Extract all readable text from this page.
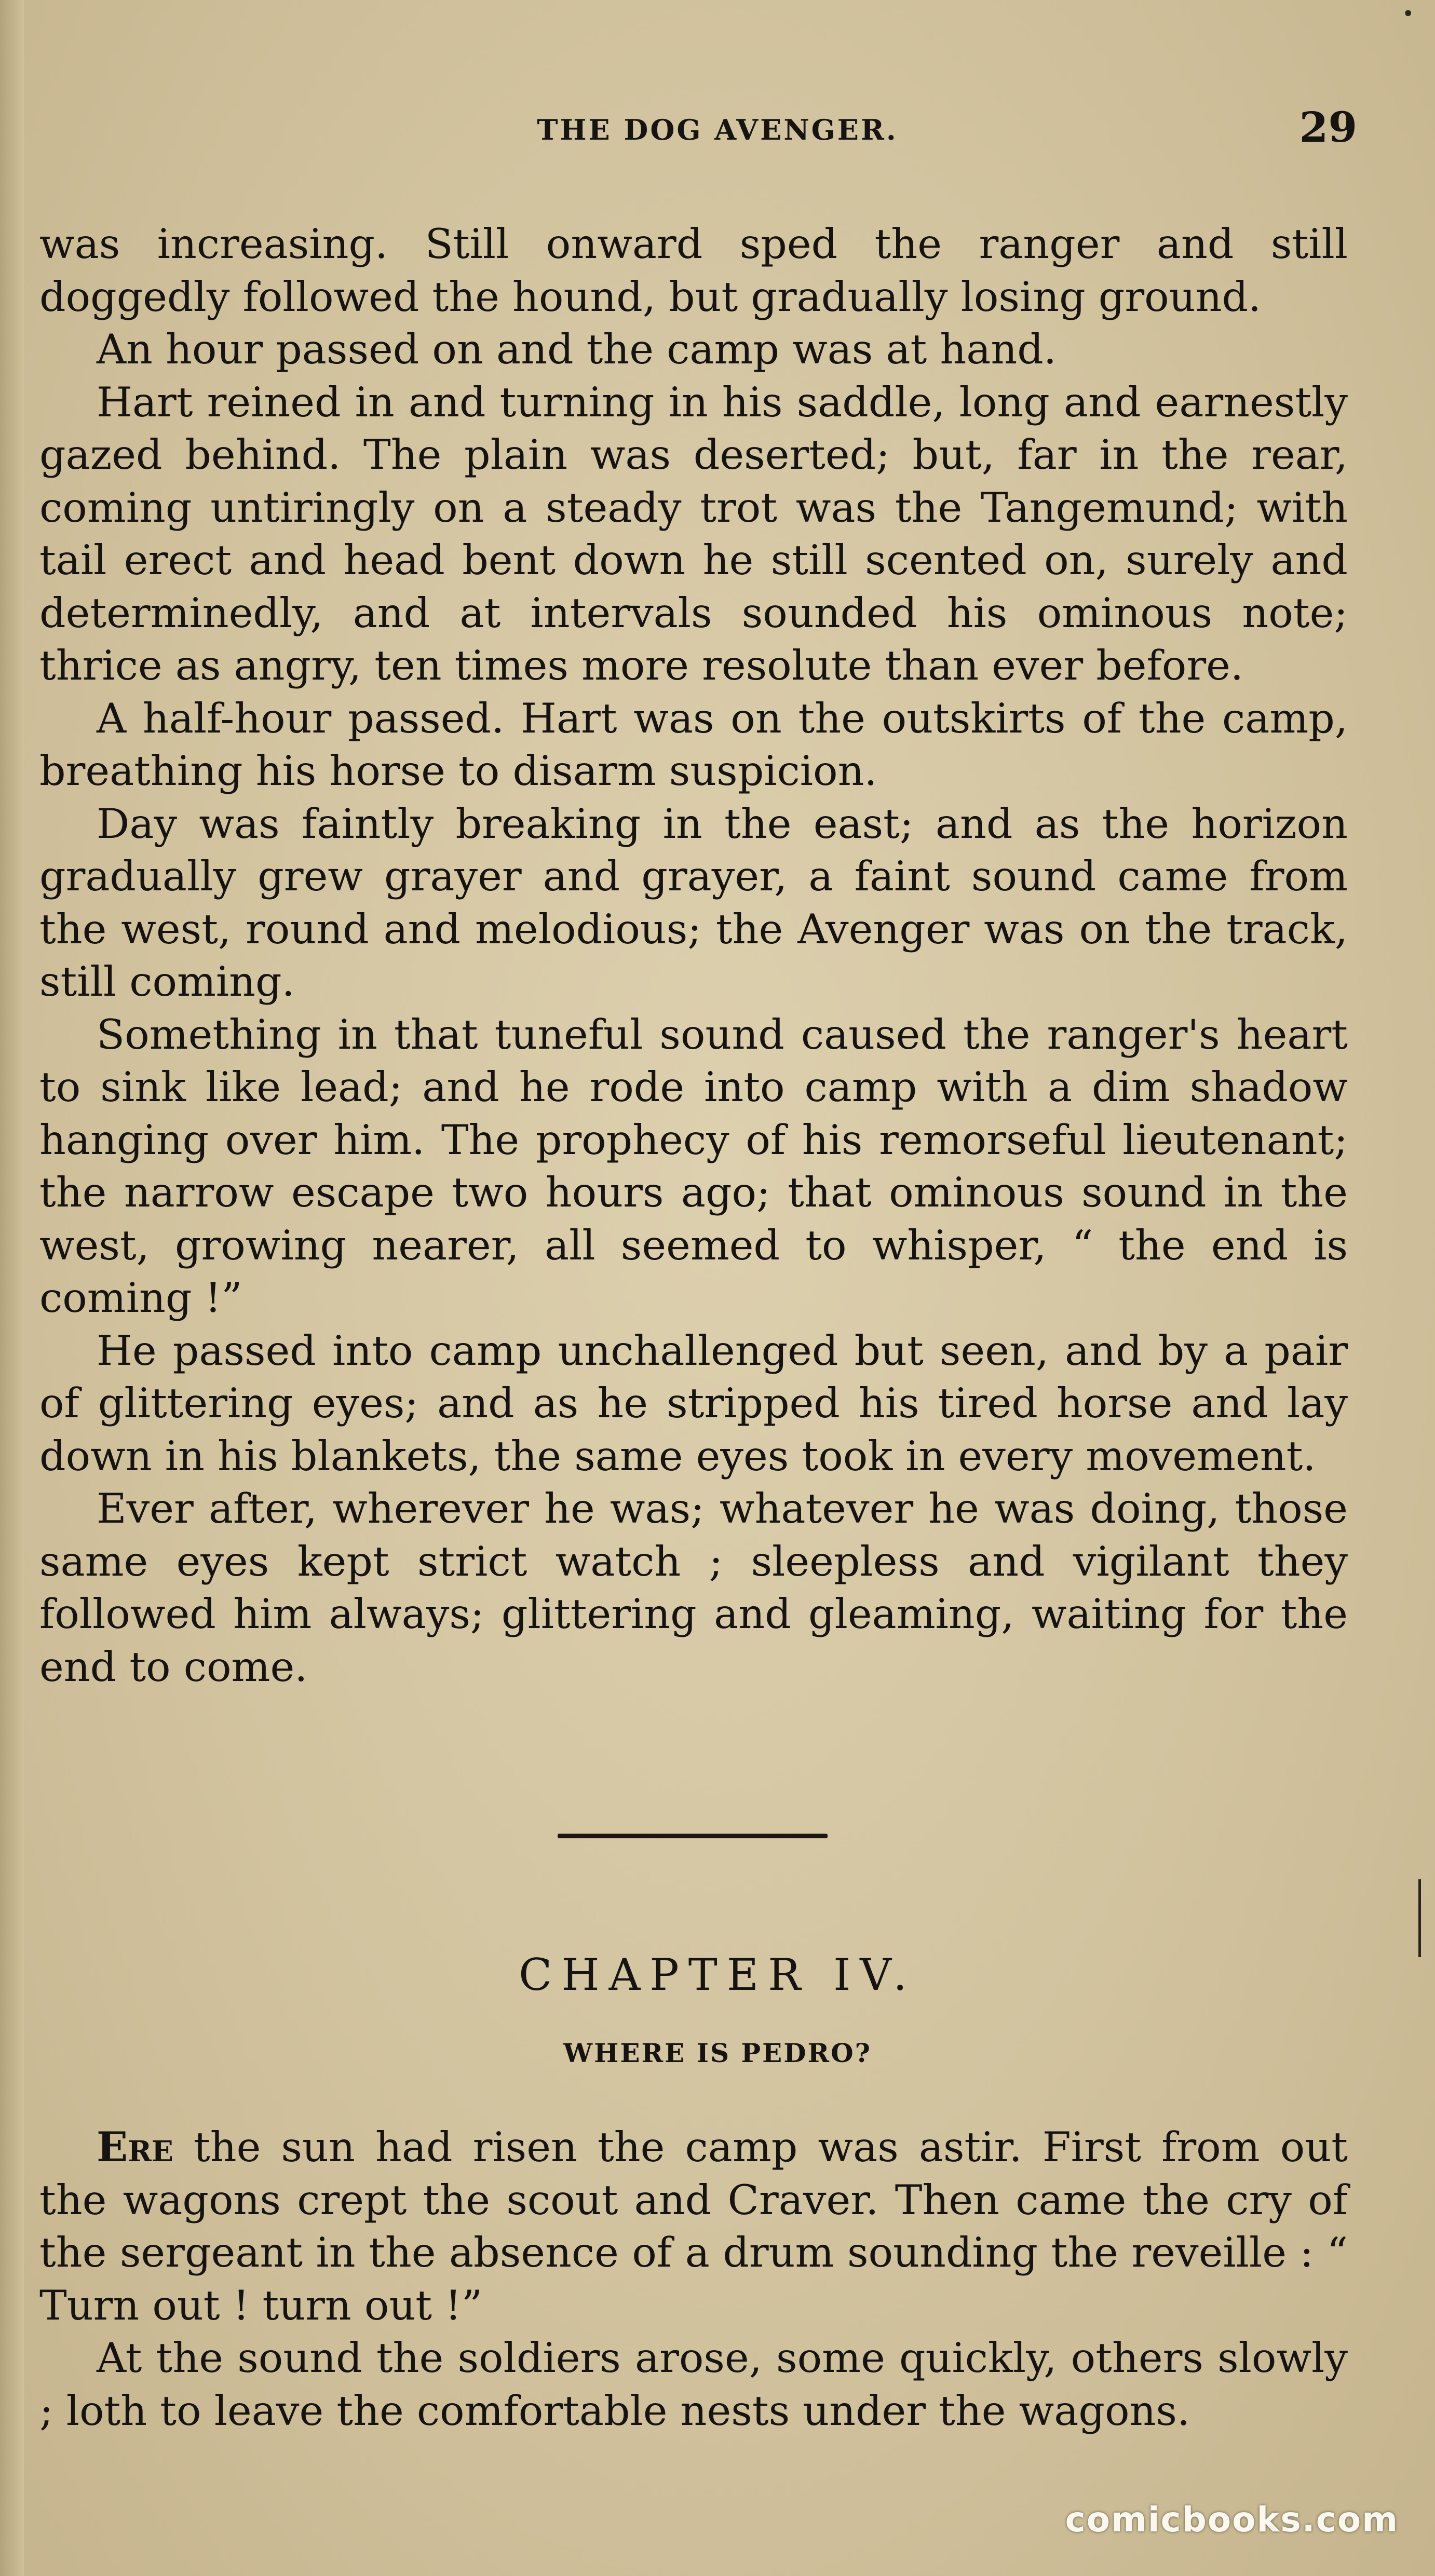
•
THE DOG AVENGER.	29

was increasing. Still onward sped the ranger and still doggedly followed the hound, but gradually losing ground.

An hour passed on and the camp was at hand.

Hart reined in and turning in his saddle, long and earnestly gazed behind. The plain was deserted; but, far in the rear, coming untiringly on a steady trot was the Tangemund; with tail erect and head bent down he still scented on, surely and determinedly, and at intervals sounded his ominous note; thrice as angry, ten times more resolute than ever before.

A half-hour passed. Hart was on the outskirts of the camp, breathing his horse to disarm suspicion.

Day was faintly breaking in the east; and as the horizon gradually grew grayer and grayer, a faint sound came from the west, round and melodious; the Avenger was on the track, still coming.

Something in that tuneful sound caused the ranger's heart to sink like lead; and he rode into camp with a dim shadow hanging over him. The prophecy of his remorseful lieutenant; the narrow escape two hours ago; that ominous sound in the west, growing nearer, all seemed to whisper, “ the end is coming !”

He passed into camp unchallenged but seen, and by a pair of glittering eyes; and as he stripped his tired horse and lay down in his blankets, the same eyes took in every movement.

Ever after, wherever he was; whatever he was doing, those same eyes kept strict watch ; sleepless and vigilant they followed him always; glittering and gleaming, waiting for the end to come.

CHAPTER IV.
WHERE IS PEDRO?

Ere the sun had risen the camp was astir. First from out the wagons crept the scout and Craver. Then came the cry of the sergeant in the absence of a drum sounding the reveille : “ Turn out ! turn out !”

At the sound the soldiers arose, some quickly, others slowly ; loth to leave the comfortable nests under the wagons.

comicbooks.com
